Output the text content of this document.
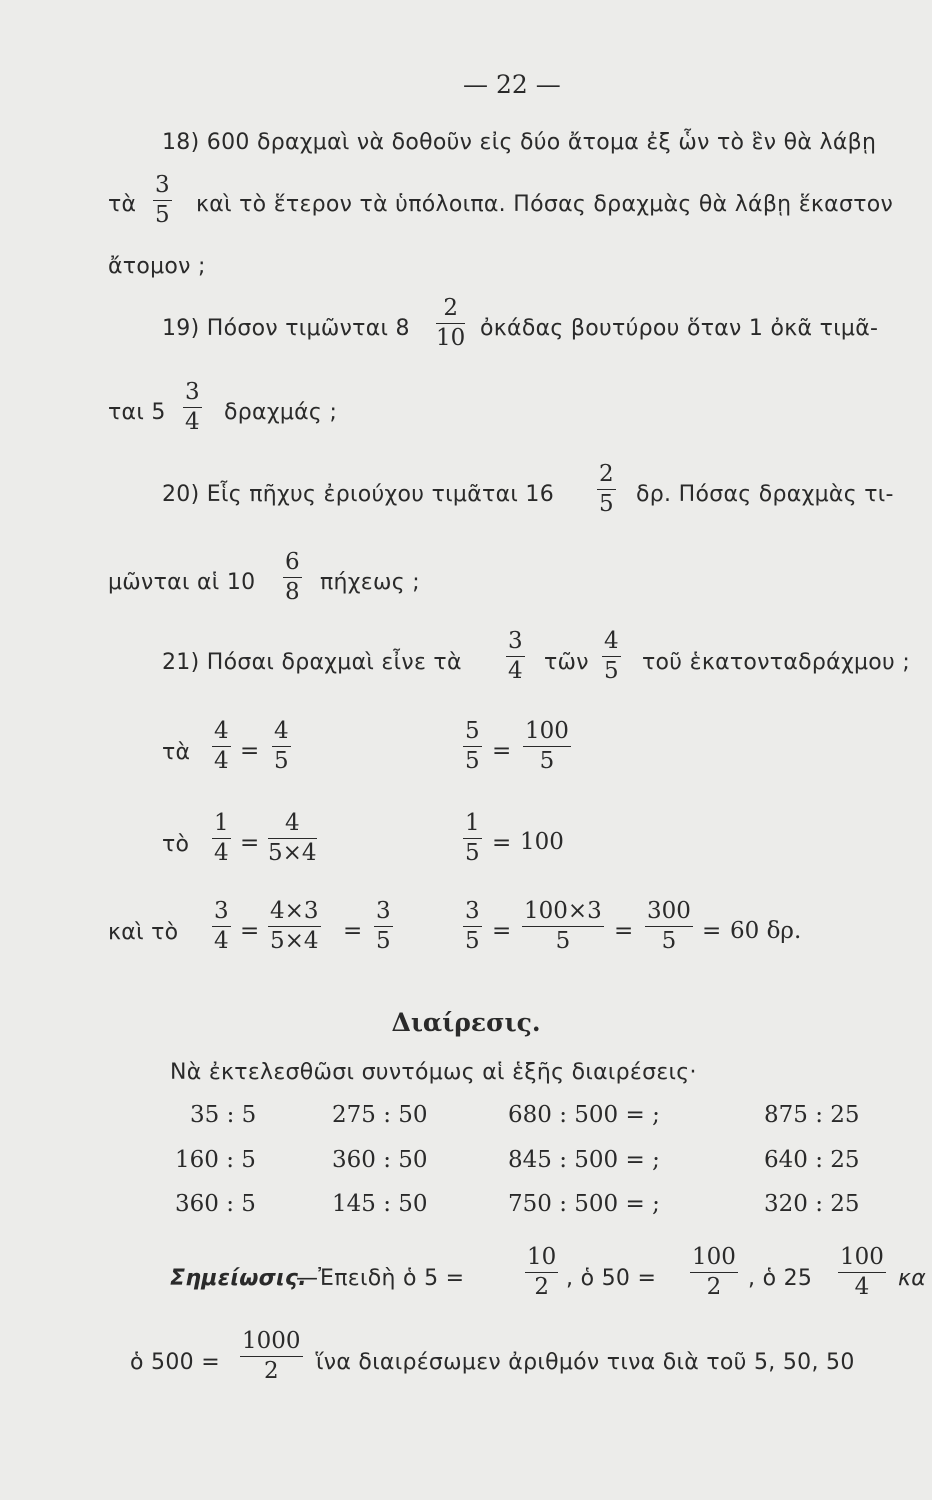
— 22 —
18) 600 δραχμαὶ νὰ δοθοῦν εἰς δύο ἄτομα ἐξ ὧν τὸ ἓν θὰ λάβῃ
τὰ $\frac{3}{5}$ καὶ τὸ ἕτερον τὰ ὑπόλοιπα. Πόσας δραχμὰς θὰ λάβῃ ἕκαστον
ἄτομον ;
19) Πόσον τιμῶνται $8 \frac{2}{10}$ ὀκάδας βουτύρου ὅταν 1 ὀκᾶ τιμᾶ-
ται $5 \frac{3}{4}$ δραχμάς ;
20) Εἷς πῆχυς ἐριούχου τιμᾶται $16 \frac{2}{5} \delta\rho$. Πόσας δραχμὰς τι-
μῶνται αἱ $10 \frac{6}{8}$ πήχεως ;
21) Πόσαι δραχμαὶ εἶνε τὰ $\frac{3}{4}$ τῶν $\frac{4}{5}$ τοῦ ἑκατονταδράχμου ;
τὰ $\frac{4}{4} = \frac{4}{5}$	$\frac{5}{5} = \frac{100}{5}$
τὸ $\frac{1}{4} = \frac{4}{5\times 4}$	$\frac{1}{5} = 100$
καὶ τὸ $\frac{3}{4} = \frac{4\times 3}{5\times 4} = \frac{3}{5}$	$\frac{3}{5} = \frac{100\times 3}{5} = \frac{300}{5} = 60$ δρ.
Διαίρεσις.
Νὰ ἐκτελεσθῶσι συντόμως αἱ ἑξῆς διαιρέσεις·
35 : 5	275 : 50	680 : 500 = ;	875 : 25
160 : 5	360 : 50	845 : 500 = ;	640 : 25
360 : 5	145 : 50	750 : 500 = ;	320 : 25
Σημείωσις.
—Ἐπειδὴ ὁ 5 =	$\frac{10}{2}$ , ὁ $50 = \frac{100}{2}$ , ὁ $25 \frac{100}{4}$ κα
ὁ $500 = \frac{1000}{2}$ ἵνα διαιρέσωμεν ἀριθμόν τινα διὰ τοῦ 5, 50, 50
